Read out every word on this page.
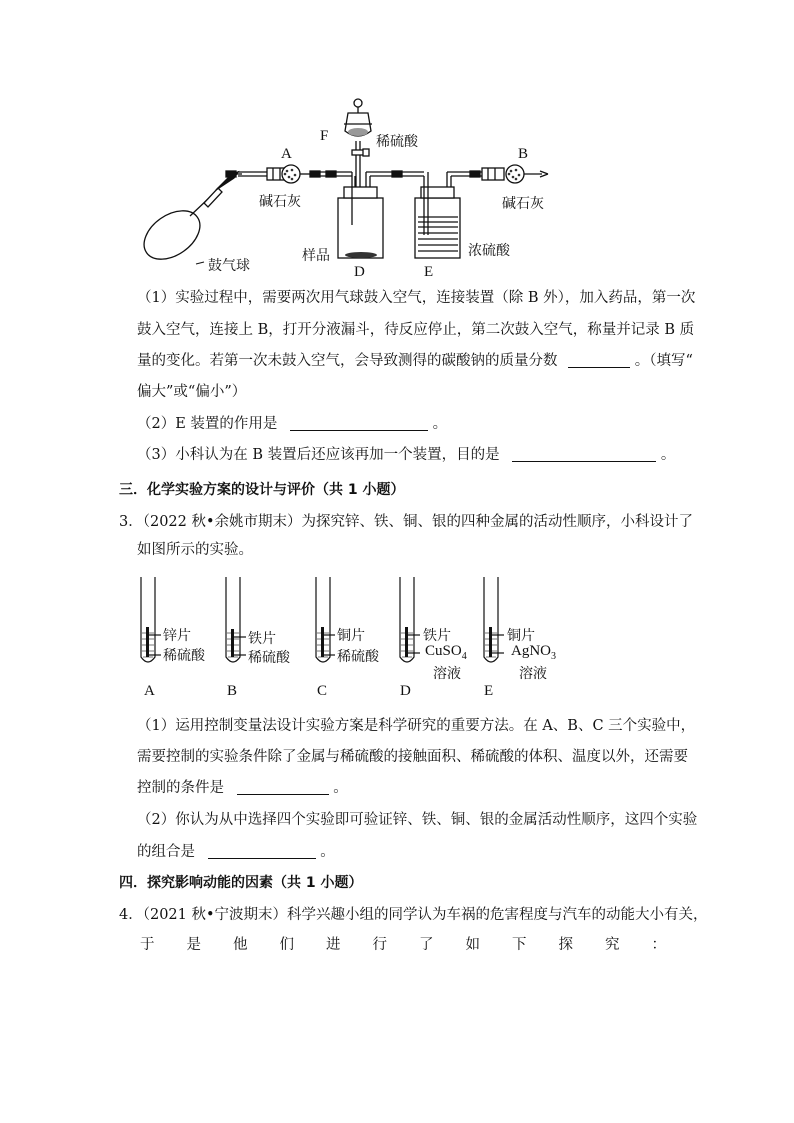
F	稀硫酸
A	B
碱石灰	碱石灰
样品
D	E
浓硫酸
鼓气球
（1）实验过程中，需要两次用气球鼓入空气，连接装置（除 B 外），加入药品，第一次
鼓入空气，连接上 B，打开分液漏斗，待反应停止，第二次鼓入空气，称量并记录 B 质
量的变化。若第一次未鼓入空气，会导致测得的碳酸钠的质量分数	。（填写“
偏大”或“偏小”）
（2）E 装置的作用是	。
（3）小科认为在 B 装置后还应该再加一个装置，目的是	。
三．化学实验方案的设计与评价（共 1 小题）
3．（2022 秋•余姚市期末）为探究锌、铁、铜、银的四种金属的活动性顺序，小科设计了
如图所示的实验。
锌片
稀硫酸
A
铁片
稀硫酸
B
铜片
稀硫酸
C
铁片
CuSO$_4$
溶液
D
铜片
AgNO$_3$
溶液
E
（1）运用控制变量法设计实验方案是科学研究的重要方法。在 A、B、C 三个实验中，
需要控制的实验条件除了金属与稀硫酸的接触面积、稀硫酸的体积、温度以外，还需要
控制的条件是	。
（2）你认为从中选择四个实验即可验证锌、铁、铜、银的金属活动性顺序，这四个实验
的组合是	。
四．探究影响动能的因素（共 1 小题）
4．（2021 秋•宁波期末）科学兴趣小组的同学认为车祸的危害程度与汽车的动能大小有关，
于 是 他 们 进 行 了 如 下 探 究 ：
